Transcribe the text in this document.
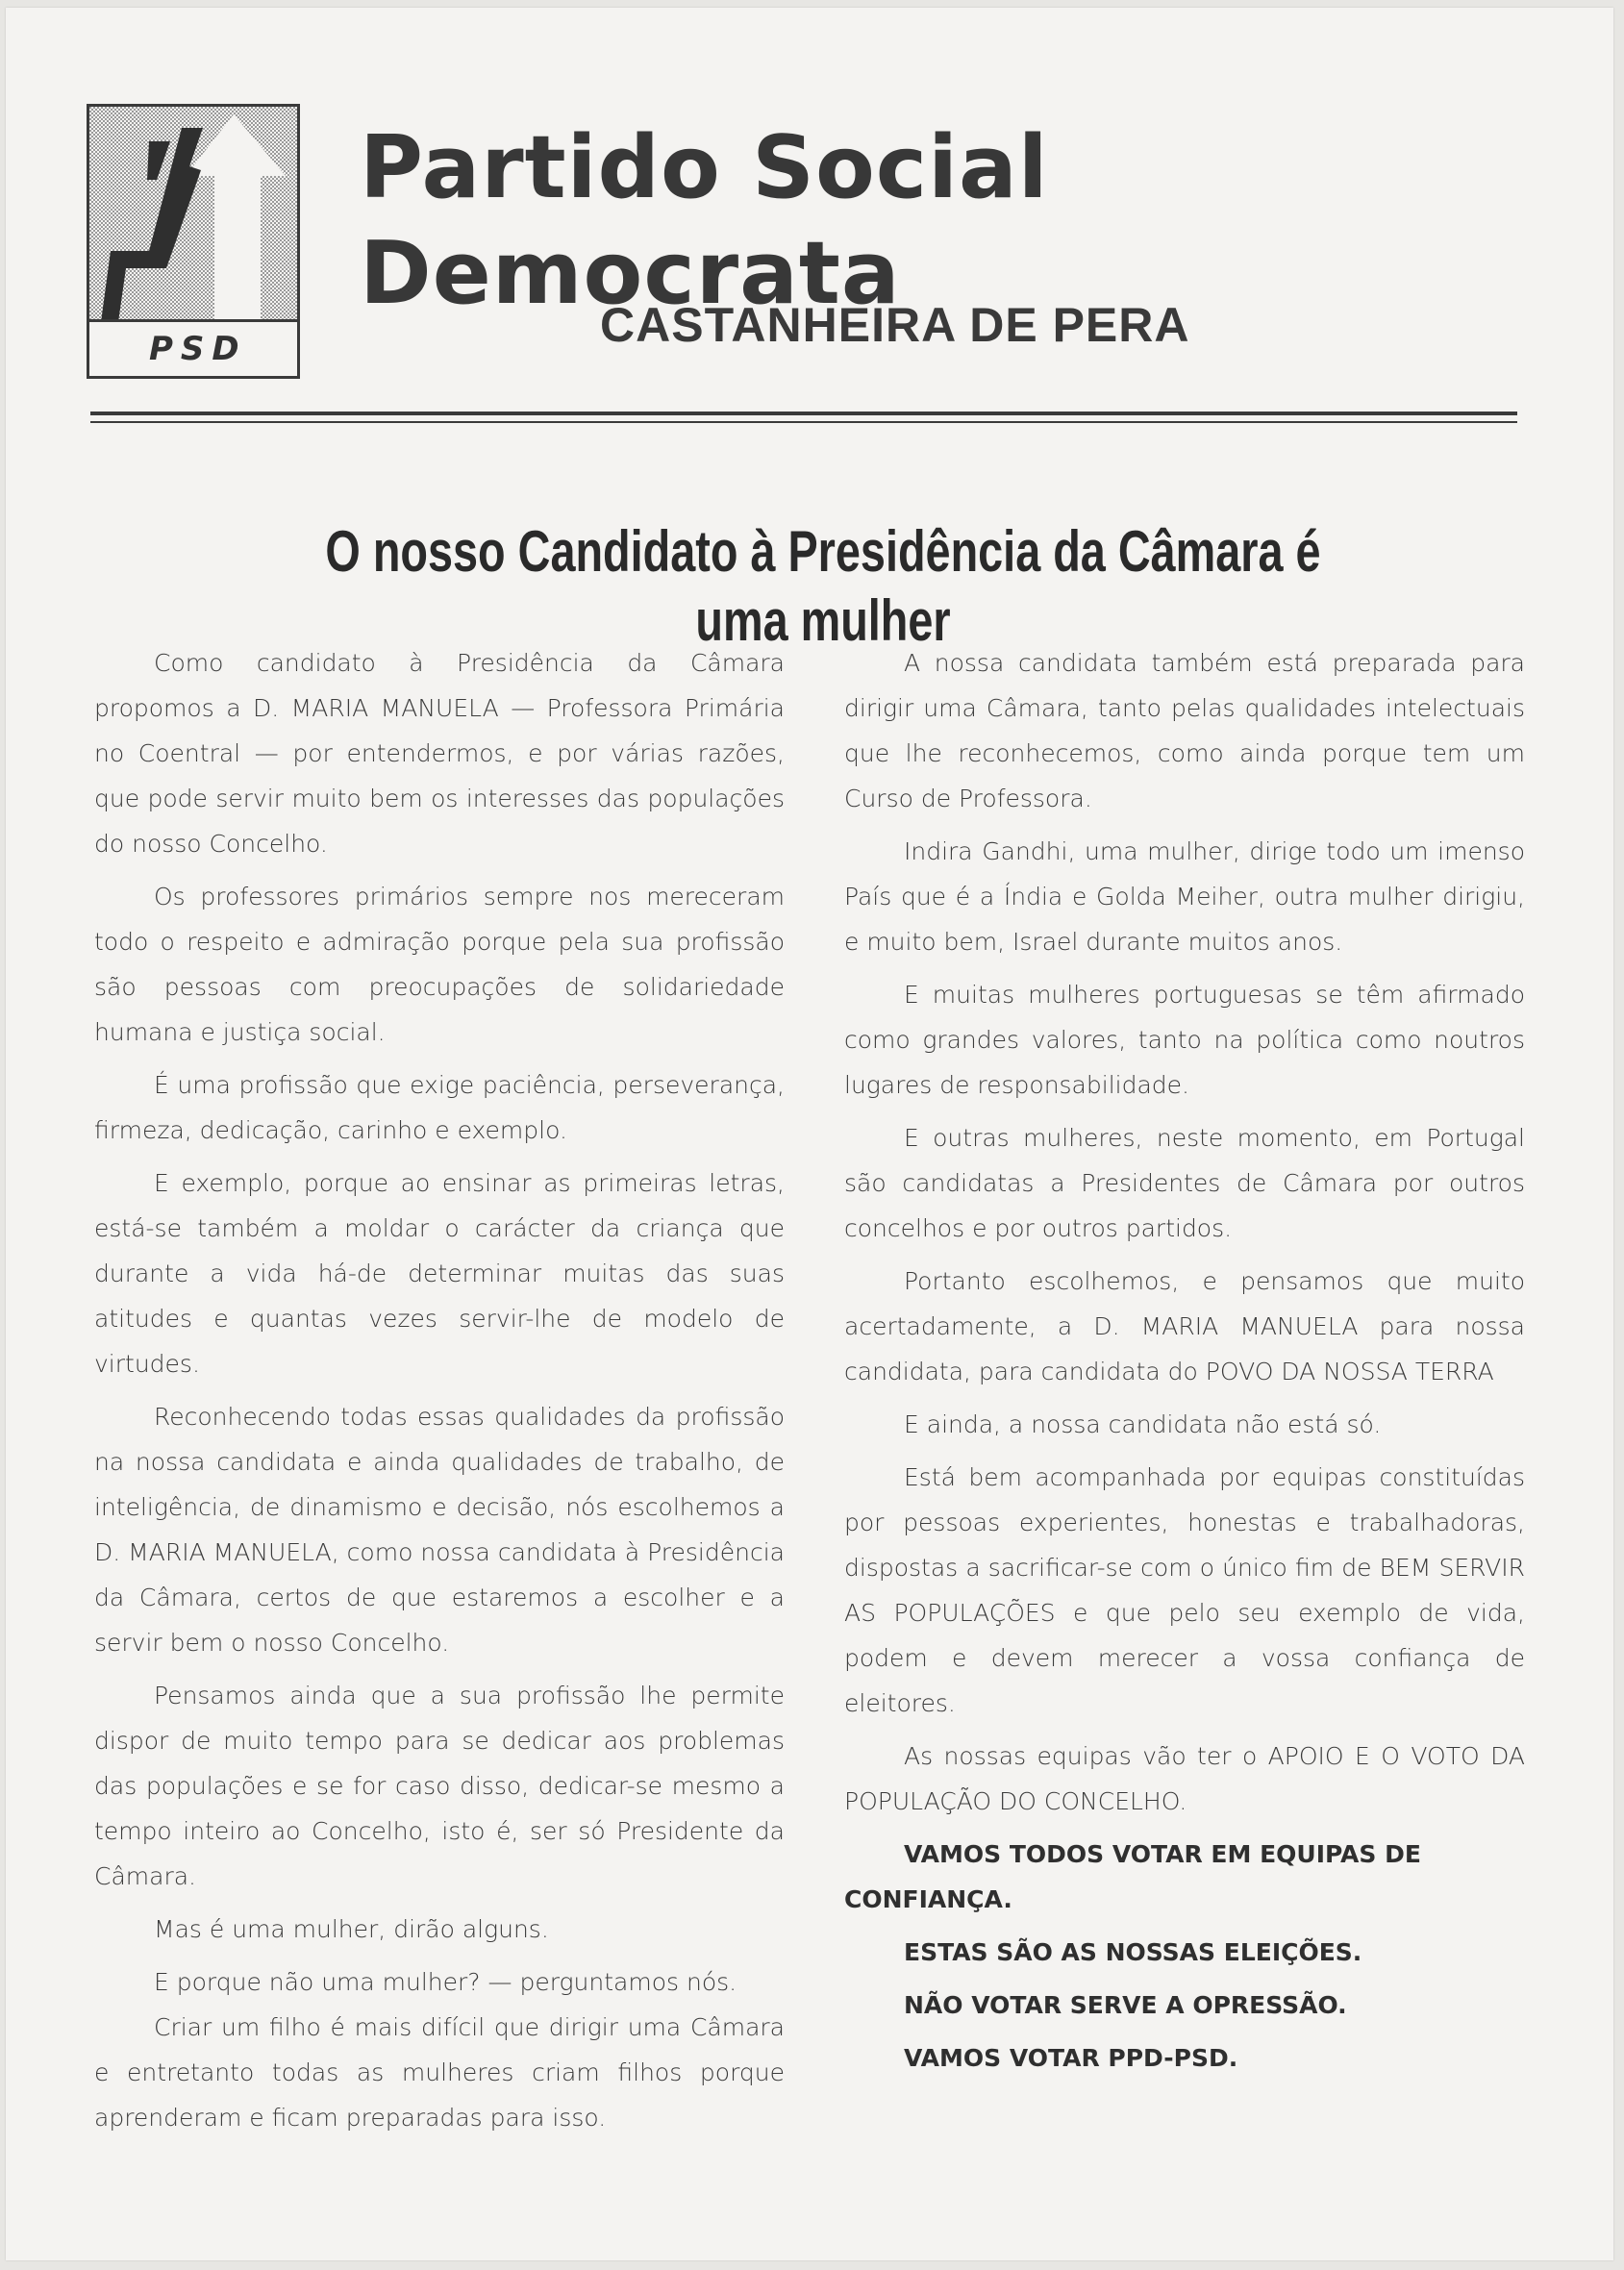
PSD
Partido Social Democrata
CASTANHEIRA DE PERA
O nosso Candidato à Presidência da Câmara é uma mulher

Como candidato à Presidência da Câmara propomos a D. MARIA MANUELA — Professora Primária no Coentral — por entendermos, e por várias razões, que pode servir muito bem os interesses das populações do nosso Concelho.

Os professores primários sempre nos mereceram todo o respeito e admiração porque pela sua profissão são pessoas com preocupações de solidariedade humana e justiça social.

É uma profissão que exige paciência, perseverança, firmeza, dedicação, carinho e exemplo.

E exemplo, porque ao ensinar as primeiras letras, está-se também a moldar o carácter da criança que durante a vida há-de determinar muitas das suas atitudes e quantas vezes servir-lhe de modelo de virtudes.

Reconhecendo todas essas qualidades da profissão na nossa candidata e ainda qualidades de trabalho, de inteligência, de dinamismo e decisão, nós escolhemos a D. MARIA MANUELA, como nossa candidata à Presidência da Câmara, certos de que estaremos a escolher e a servir bem o nosso Concelho.

Pensamos ainda que a sua profissão lhe permite dispor de muito tempo para se dedicar aos problemas das populações e se for caso disso, dedicar-se mesmo a tempo inteiro ao Concelho, isto é, ser só Presidente da Câmara.

Mas é uma mulher, dirão alguns.

E porque não uma mulher? — perguntamos nós.

Criar um filho é mais difícil que dirigir uma Câmara e entretanto todas as mulheres criam filhos porque aprenderam e ficam preparadas para isso.

A nossa candidata também está preparada para dirigir uma Câmara, tanto pelas qualidades intelectuais que lhe reconhecemos, como ainda porque tem um Curso de Professora.

Indira Gandhi, uma mulher, dirige todo um imenso País que é a Índia e Golda Meiher, outra mulher dirigiu, e muito bem, Israel durante muitos anos.

E muitas mulheres portuguesas se têm afirmado como grandes valores, tanto na política como noutros lugares de responsabilidade.

E outras mulheres, neste momento, em Portugal são candidatas a Presidentes de Câmara por outros concelhos e por outros partidos.

Portanto escolhemos, e pensamos que muito acertadamente, a D. MARIA MANUELA para nossa candidata, para candidata do POVO DA NOSSA TERRA

E ainda, a nossa candidata não está só.

Está bem acompanhada por equipas constituídas por pessoas experientes, honestas e trabalhadoras, dispostas a sacrificar-se com o único fim de BEM SERVIR AS POPULAÇÕES e que pelo seu exemplo de vida, podem e devem merecer a vossa confiança de eleitores.

As nossas equipas vão ter o APOIO E O VOTO DA POPULAÇÃO DO CONCELHO.

VAMOS TODOS VOTAR EM EQUIPAS DE CONFIANÇA.

ESTAS SÃO AS NOSSAS ELEIÇÕES.

NÃO VOTAR SERVE A OPRESSÃO.

VAMOS VOTAR PPD-PSD.
